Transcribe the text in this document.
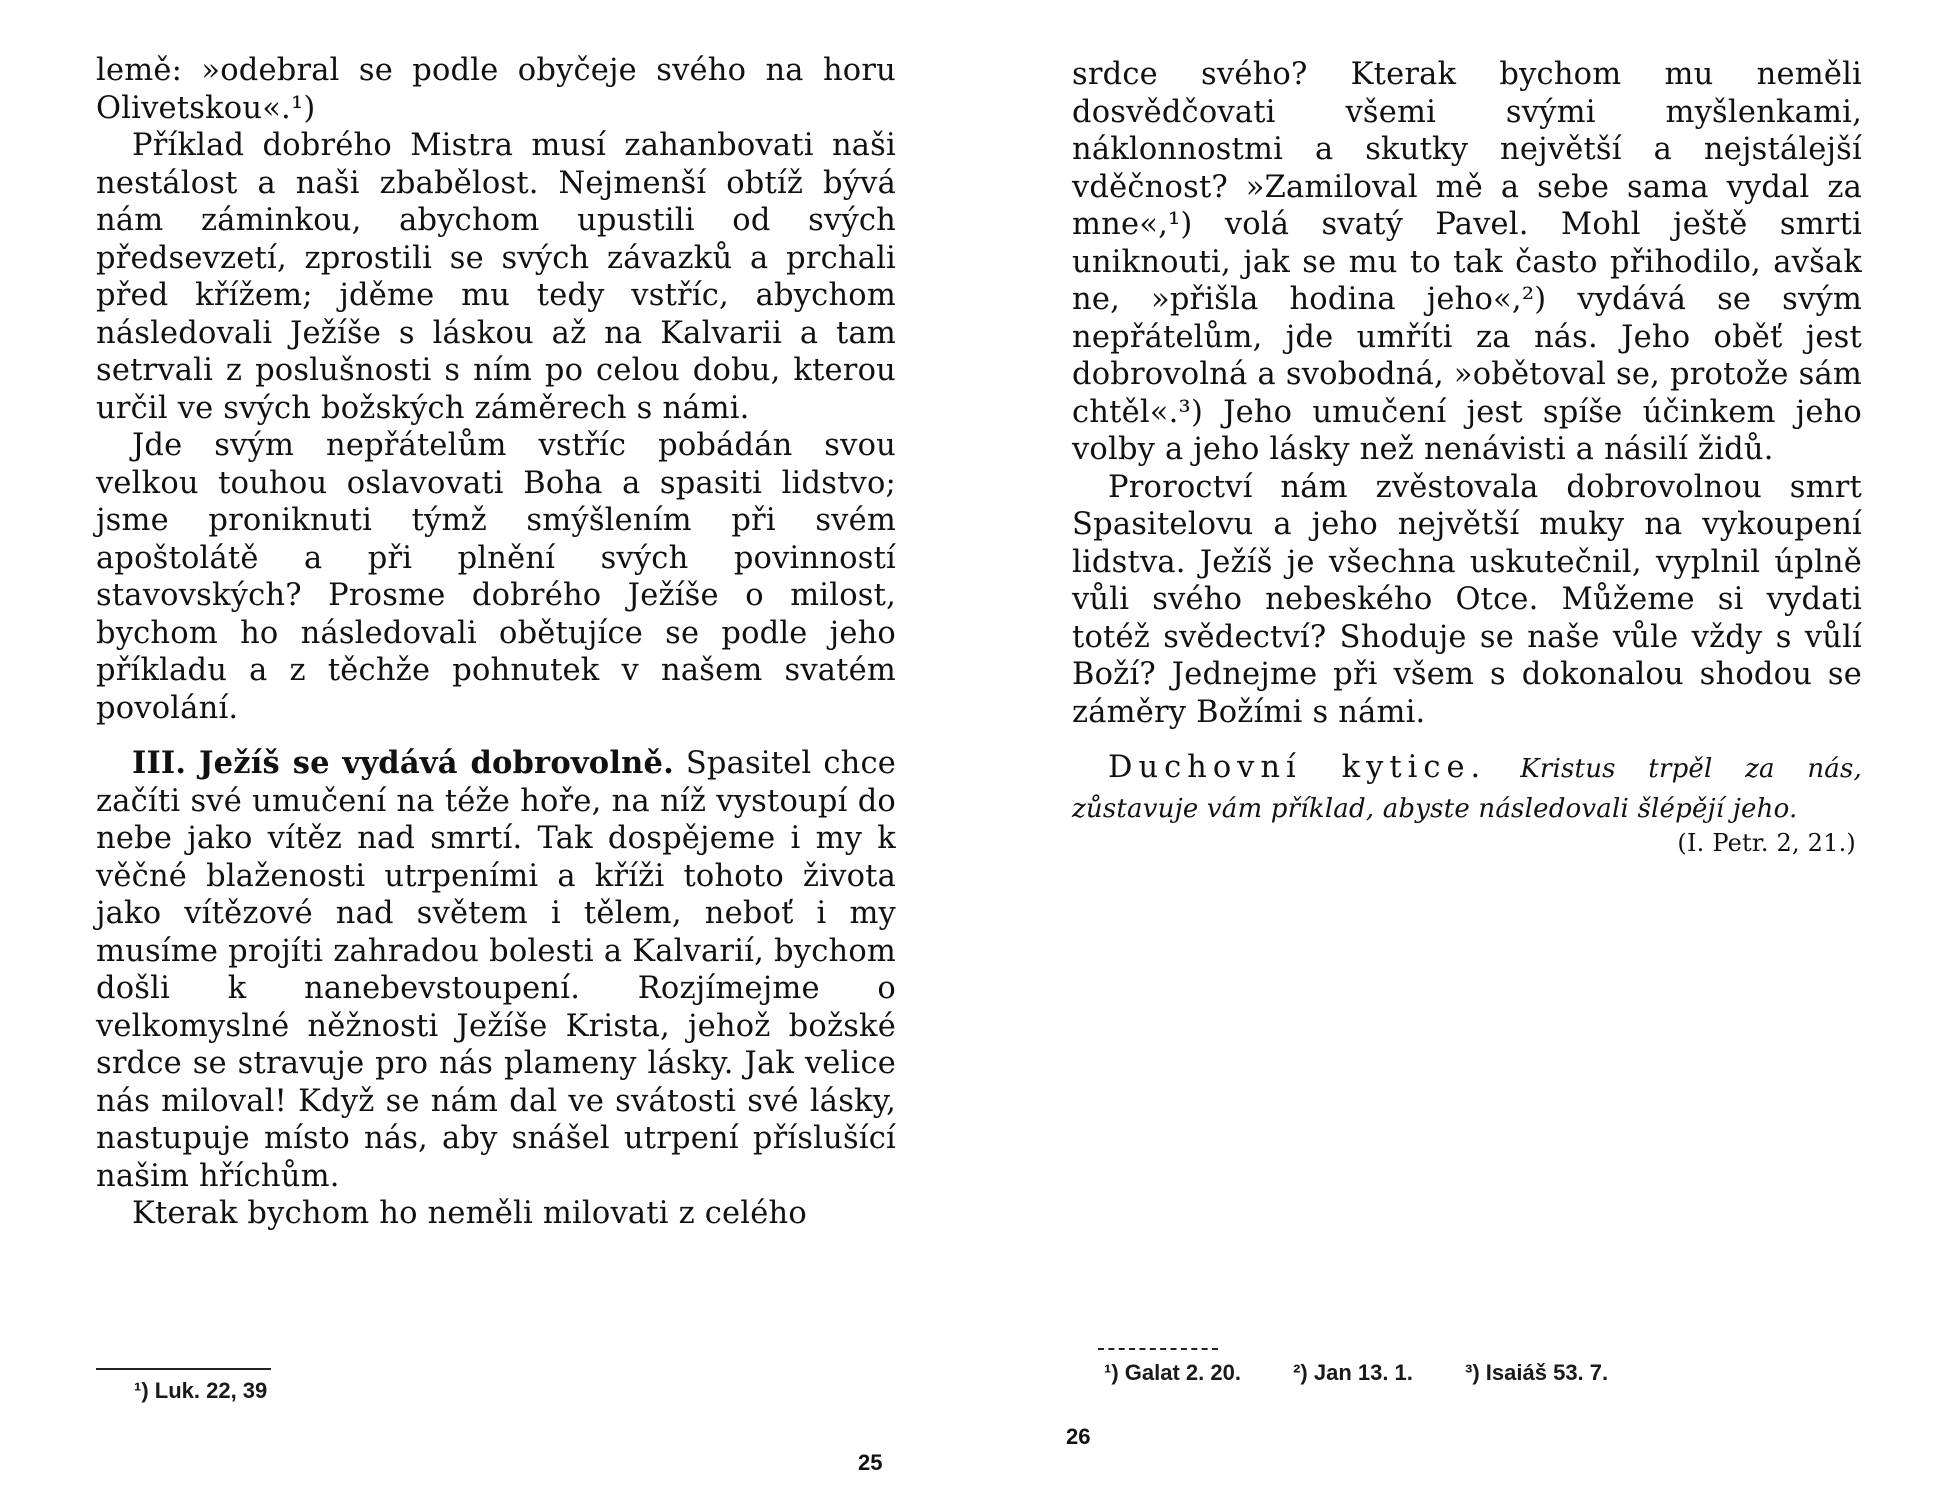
lemě: »odebral se podle obyčeje svého na horu Olivetskou«.¹)

Příklad dobrého Mistra musí zahanbovati naši nestálost a naši zbabělost. Nejmenší obtíž bývá nám záminkou, abychom upustili od svých předsevzetí, zprostili se svých závazků a prchali před křížem; jděme mu tedy vstříc, abychom následovali Ježíše s láskou až na Kalvarii a tam setrvali z poslušnosti s ním po celou dobu, kterou určil ve svých božských záměrech s námi.

Jde svým nepřátelům vstříc pobádán svou velkou touhou oslavovati Boha a spasiti lidstvo; jsme proniknuti týmž smýšlením při svém apoštolátě a při plnění svých povinností stavovských? Prosme dobrého Ježíše o milost, bychom ho následovali obětujíce se podle jeho příkladu a z těchže pohnutek v našem svatém povolání.

III. Ježíš se vydává dobrovolně. Spasitel chce začíti své umučení na téže hoře, na níž vystoupí do nebe jako vítěz nad smrtí. Tak dospějeme i my k věčné blaženosti utrpeními a kříži tohoto života jako vítězové nad světem i tělem, neboť i my musíme projíti zahradou bolesti a Kalvarií, bychom došli k nanebevstoupení. Rozjímejme o velkomyslné něžnosti Ježíše Krista, jehož božské srdce se stravuje pro nás plameny lásky. Jak velice nás miloval! Když se nám dal ve svátosti své lásky, nastupuje místo nás, aby snášel utrpení příslušící našim hříchům.

Kterak bychom ho neměli milovati z celého

¹) Luk. 22, 39
25

srdce svého? Kterak bychom mu neměli dosvědčovati všemi svými myšlenkami, náklonnostmi a skutky největší a nejstálejší vděčnost? »Zamiloval mě a sebe sama vydal za mne«,¹) volá svatý Pavel. Mohl ještě smrti uniknouti, jak se mu to tak často přihodilo, avšak ne, »přišla hodina jeho«,²) vydává se svým nepřátelům, jde umříti za nás. Jeho oběť jest dobrovolná a svobodná, »obětoval se, protože sám chtěl«.³) Jeho umučení jest spíše účinkem jeho volby a jeho lásky než nenávisti a násilí židů.

Proroctví nám zvěstovala dobrovolnou smrt Spasitelovu a jeho největší muky na vykoupení lidstva. Ježíš je všechna uskutečnil, vyplnil úplně vůli svého nebeského Otce. Můžeme si vydati totéž svědectví? Shoduje se naše vůle vždy s vůlí Boží? Jednejme při všem s dokonalou shodou se záměry Božími s námi.

Duchovní kytice. Kristus trpěl za nás, zůstavuje vám příklad, abyste následovali šlépějí jeho.
(I. Petr. 2, 21.)
¹) Galat 2. 20. ²) Jan 13. 1. ³) Isaiáš 53. 7.
26
